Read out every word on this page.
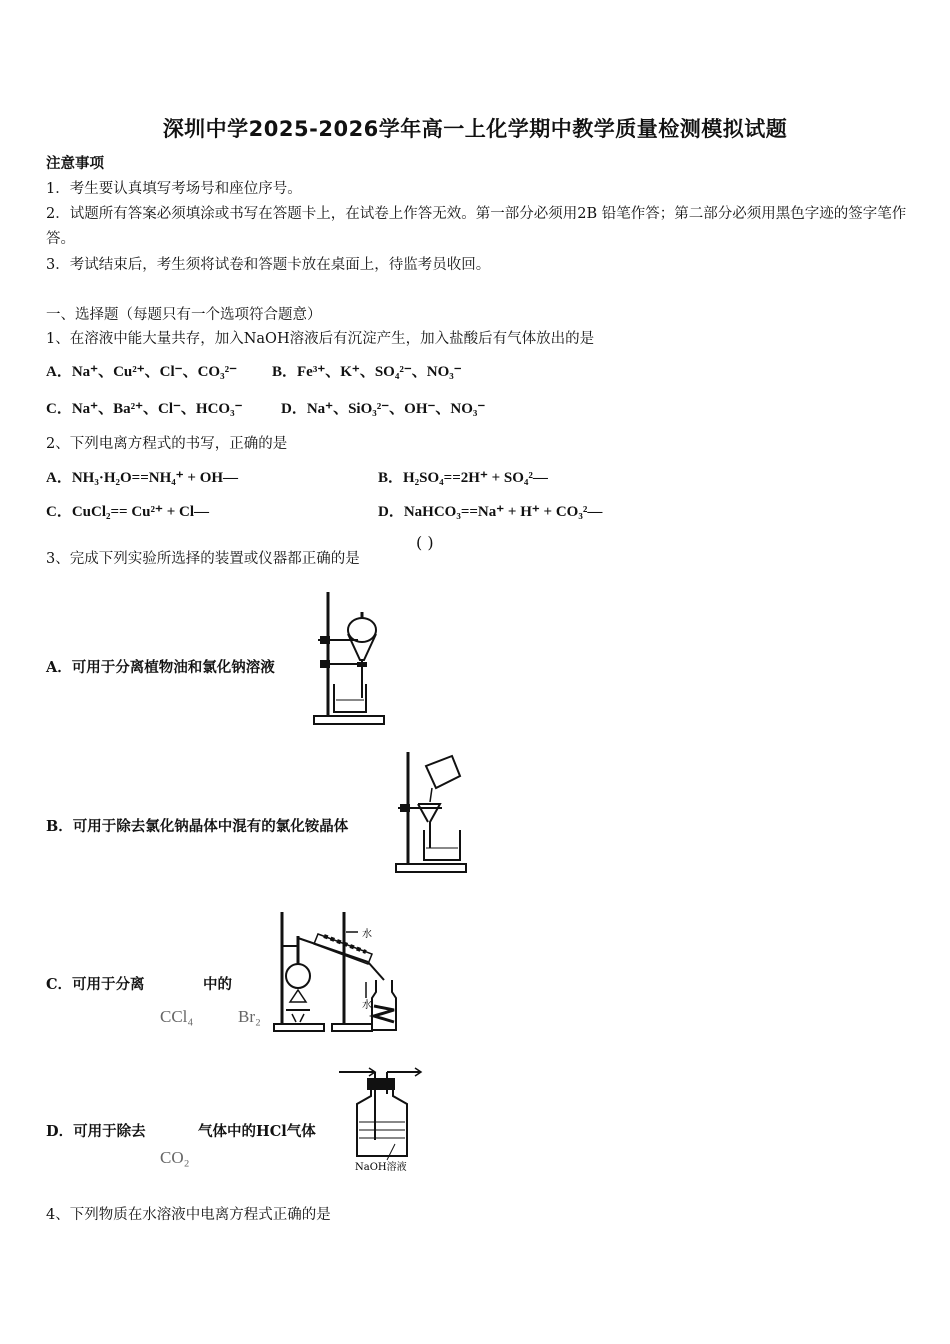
深圳中学2025-2026学年高一上化学期中教学质量检测模拟试题
注意事项
1．考生要认真填写考场号和座位序号。
2．试题所有答案必须填涂或书写在答题卡上，在试卷上作答无效。第一部分必须用2B 铅笔作答；第二部分必须用黑色字迹的签字笔作答。
3．考试结束后，考生须将试卷和答题卡放在桌面上，待监考员收回。
一、选择题（每题只有一个选项符合题意）
1、在溶液中能大量共存，加入NaOH溶液后有沉淀产生，加入盐酸后有气体放出的是
A．Na⁺、Cu²⁺、Cl⁻、CO₃²⁻ B．Fe³⁺、K⁺、SO₄²⁻、NO₃⁻
C．Na⁺、Ba²⁺、Cl⁻、HCO₃⁻	D．Na⁺、SiO₃²⁻、OH⁻、NO₃⁻
2、下列电离方程式的书写，正确的是
A．NH₃·H₂O==NH₄⁺ + OH—	B．H₂SO₄==2H⁺ + SO₄²—
C．CuCl₂== Cu²⁺ + Cl—	D．NaHCO₃==Na⁺ + H⁺ + CO₃²—
3、完成下列实验所选择的装置或仪器都正确的是
( )
A．可用于分离植物油和氯化钠溶液
B．可用于除去氯化钠晶体中混有的氯化铵晶体
C．可用于分离	中的
CCl₄	Br₂
水
水
D．可用于除去	气体中的HCl气体
CO₂
NaOH溶液
4、下列物质在水溶液中电离方程式正确的是
